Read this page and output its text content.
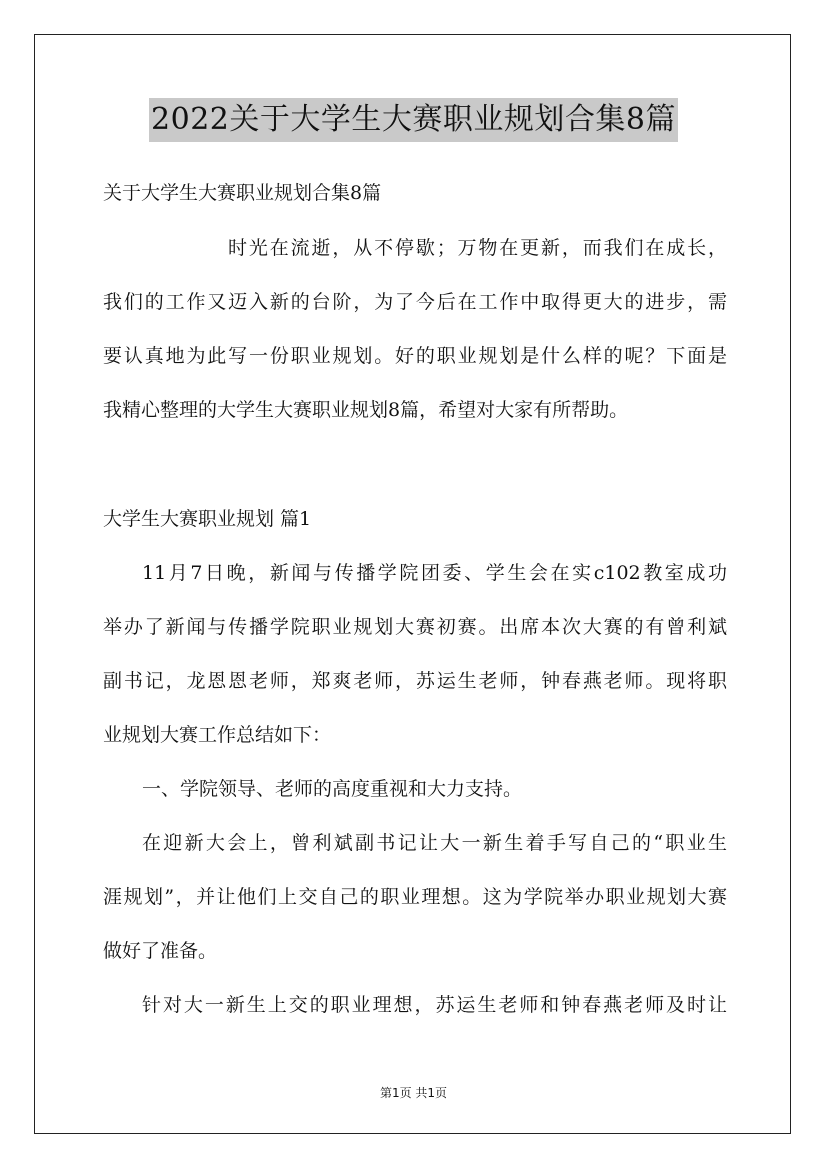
2022关于大学生大赛职业规划合集8篇
关于大学生大赛职业规划合集8篇
时光在流逝，从不停歇；万物在更新，而我们在成长，
我们的工作又迈入新的台阶，为了今后在工作中取得更大的进步，需
要认真地为此写一份职业规划。好的职业规划是什么样的呢？下面是
我精心整理的大学生大赛职业规划8篇，希望对大家有所帮助。
大学生大赛职业规划 篇1
11月7日晚，新闻与传播学院团委、学生会在实c102教室成功
举办了新闻与传播学院职业规划大赛初赛。出席本次大赛的有曾利斌
副书记，龙恩恩老师，郑爽老师，苏运生老师，钟春燕老师。现将职
业规划大赛工作总结如下：
一、学院领导、老师的高度重视和大力支持。
在迎新大会上，曾利斌副书记让大一新生着手写自己的“职业生
涯规划”，并让他们上交自己的职业理想。这为学院举办职业规划大赛
做好了准备。
针对大一新生上交的职业理想，苏运生老师和钟春燕老师及时让
第1页 共1页
